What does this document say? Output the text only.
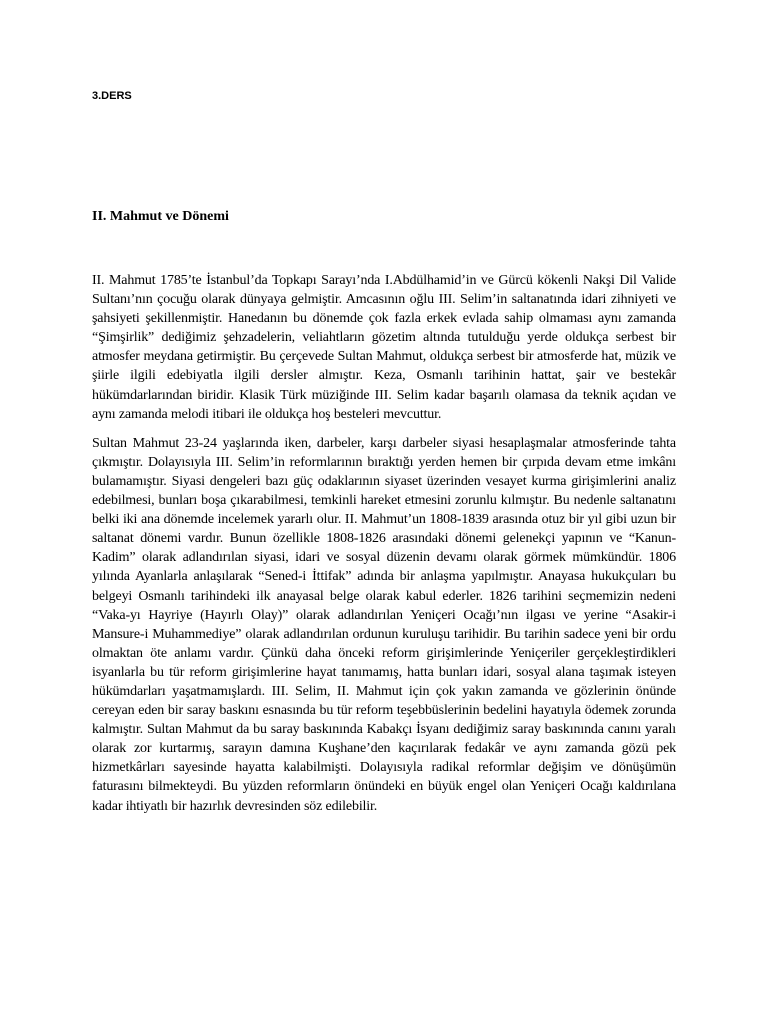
3.DERS
II. Mahmut ve Dönemi

II. Mahmut 1785’te İstanbul’da Topkapı Sarayı’nda I.Abdülhamid’in ve Gürcü kökenli Nakşi Dil Valide Sultanı’nın çocuğu olarak dünyaya gelmiştir. Amcasının oğlu III. Selim’in saltanatında idari zihniyeti ve şahsiyeti şekillenmiştir. Hanedanın bu dönemde çok fazla erkek evlada sahip olmaması aynı zamanda “Şimşirlik” dediğimiz şehzadelerin, veliahtların gözetim altında tutulduğu yerde oldukça serbest bir atmosfer meydana getirmiştir. Bu çerçevede Sultan Mahmut, oldukça serbest bir atmosferde hat, müzik ve şiirle ilgili edebiyatla ilgili dersler almıştır. Keza, Osmanlı tarihinin hattat, şair ve bestekâr hükümdarlarından biridir. Klasik Türk müziğinde III. Selim kadar başarılı olamasa da teknik açıdan ve aynı zamanda melodi itibari ile oldukça hoş besteleri mevcuttur.

Sultan Mahmut 23-24 yaşlarında iken, darbeler, karşı darbeler siyasi hesaplaşmalar atmosferinde tahta çıkmıştır. Dolayısıyla III. Selim’in reformlarının bıraktığı yerden hemen bir çırpıda devam etme imkânı bulamamıştır. Siyasi dengeleri bazı güç odaklarının siyaset üzerinden vesayet kurma girişimlerini analiz edebilmesi, bunları boşa çıkarabilmesi, temkinli hareket etmesini zorunlu kılmıştır. Bu nedenle saltanatını belki iki ana dönemde incelemek yararlı olur. II. Mahmut’un 1808-1839 arasında otuz bir yıl gibi uzun bir saltanat dönemi vardır. Bunun özellikle 1808-1826 arasındaki dönemi gelenekçi yapının ve “Kanun- Kadim” olarak adlandırılan siyasi, idari ve sosyal düzenin devamı olarak görmek mümkündür. 1806 yılında Ayanlarla anlaşılarak “Sened-i İttifak” adında bir anlaşma yapılmıştır. Anayasa hukukçuları bu belgeyi Osmanlı tarihindeki ilk anayasal belge olarak kabul ederler. 1826 tarihini seçmemizin nedeni “Vaka-yı Hayriye (Hayırlı Olay)” olarak adlandırılan Yeniçeri Ocağı’nın ilgası ve yerine “Asakir-i Mansure-i Muhammediye” olarak adlandırılan ordunun kuruluşu tarihidir. Bu tarihin sadece yeni bir ordu olmaktan öte anlamı vardır. Çünkü daha önceki reform girişimlerinde Yeniçeriler gerçekleştirdikleri isyanlarla bu tür reform girişimlerine hayat tanımamış, hatta bunları idari, sosyal alana taşımak isteyen hükümdarları yaşatmamışlardı. III. Selim, II. Mahmut için çok yakın zamanda ve gözlerinin önünde cereyan eden bir saray baskını esnasında bu tür reform teşebbüslerinin bedelini hayatıyla ödemek zorunda kalmıştır. Sultan Mahmut da bu saray baskınında Kabakçı İsyanı dediğimiz saray baskınında canını yaralı olarak zor kurtarmış, sarayın damına Kuşhane’den kaçırılarak fedakâr ve aynı zamanda gözü pek hizmetkârları sayesinde hayatta kalabilmişti. Dolayısıyla radikal reformlar değişim ve dönüşümün faturasını bilmekteydi. Bu yüzden reformların önündeki en büyük engel olan Yeniçeri Ocağı kaldırılana kadar ihtiyatlı bir hazırlık devresinden söz edilebilir.
